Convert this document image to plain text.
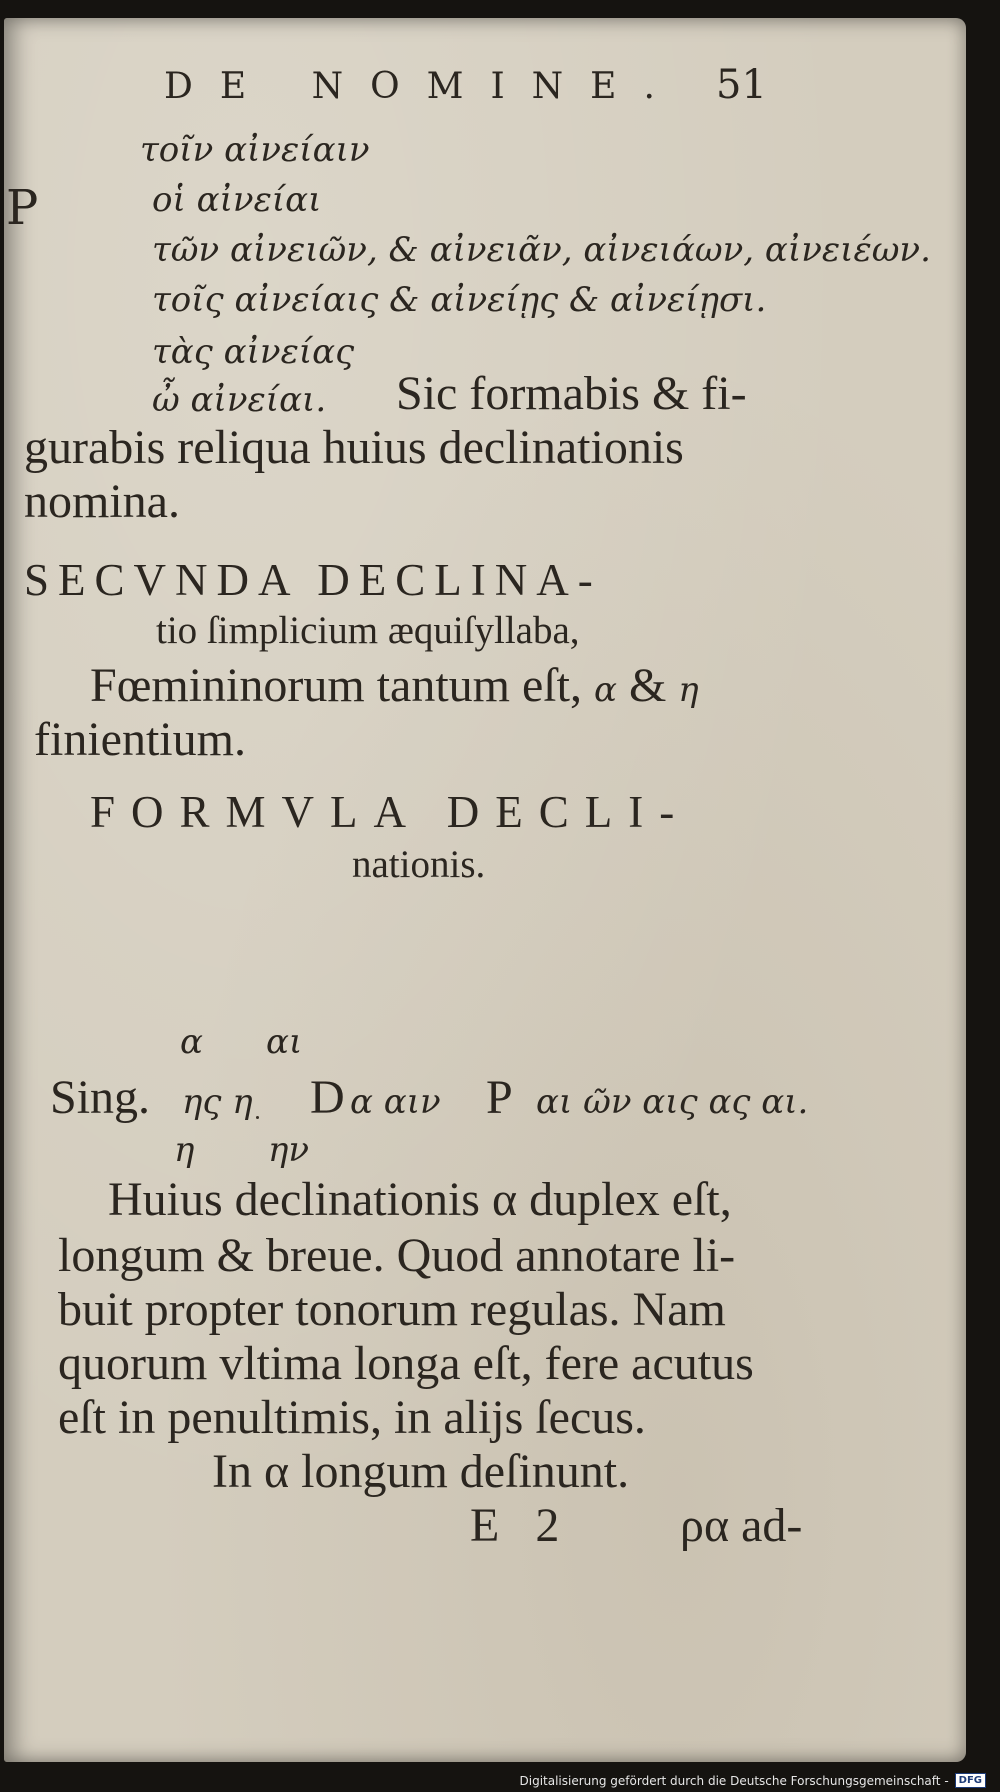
DE NOMINE. 51
P
τοῖν αἰνείαιν
οἱ αἰνείαι
τῶν αἰνειῶν, & αἰνειᾶν, αἰνειάων, αἰνειέων.
τοῖς αἰνείαις & αἰνείῃς & αἰνείῃσι.
τὰς αἰνείας
ὦ αἰνείαι. Sic formabis & fi-
gurabis reliqua huius declinationis
nomina.
SECVNDA DECLINA-
tio ſimplicium æquiſyllaba,
Fœmininorum tantum eſt, α & η
finientium.
FORMVLA DECLI-
nationis.
α αι
Sing. ης η D α αιν P αι ῶν αις ας αι.
η ην
Huius declinationis α duplex eſt,
longum & breue. Quod annotare li-
buit propter tonorum regulas. Nam
quorum vltima longa eſt, fere acutus
eſt in penultimis, in alijs ſecus.
In α longum deſinunt.
E 2	ρα ad-
Digitalisierung gefördert durch die Deutsche Forschungsgemeinschaft -	DFG
